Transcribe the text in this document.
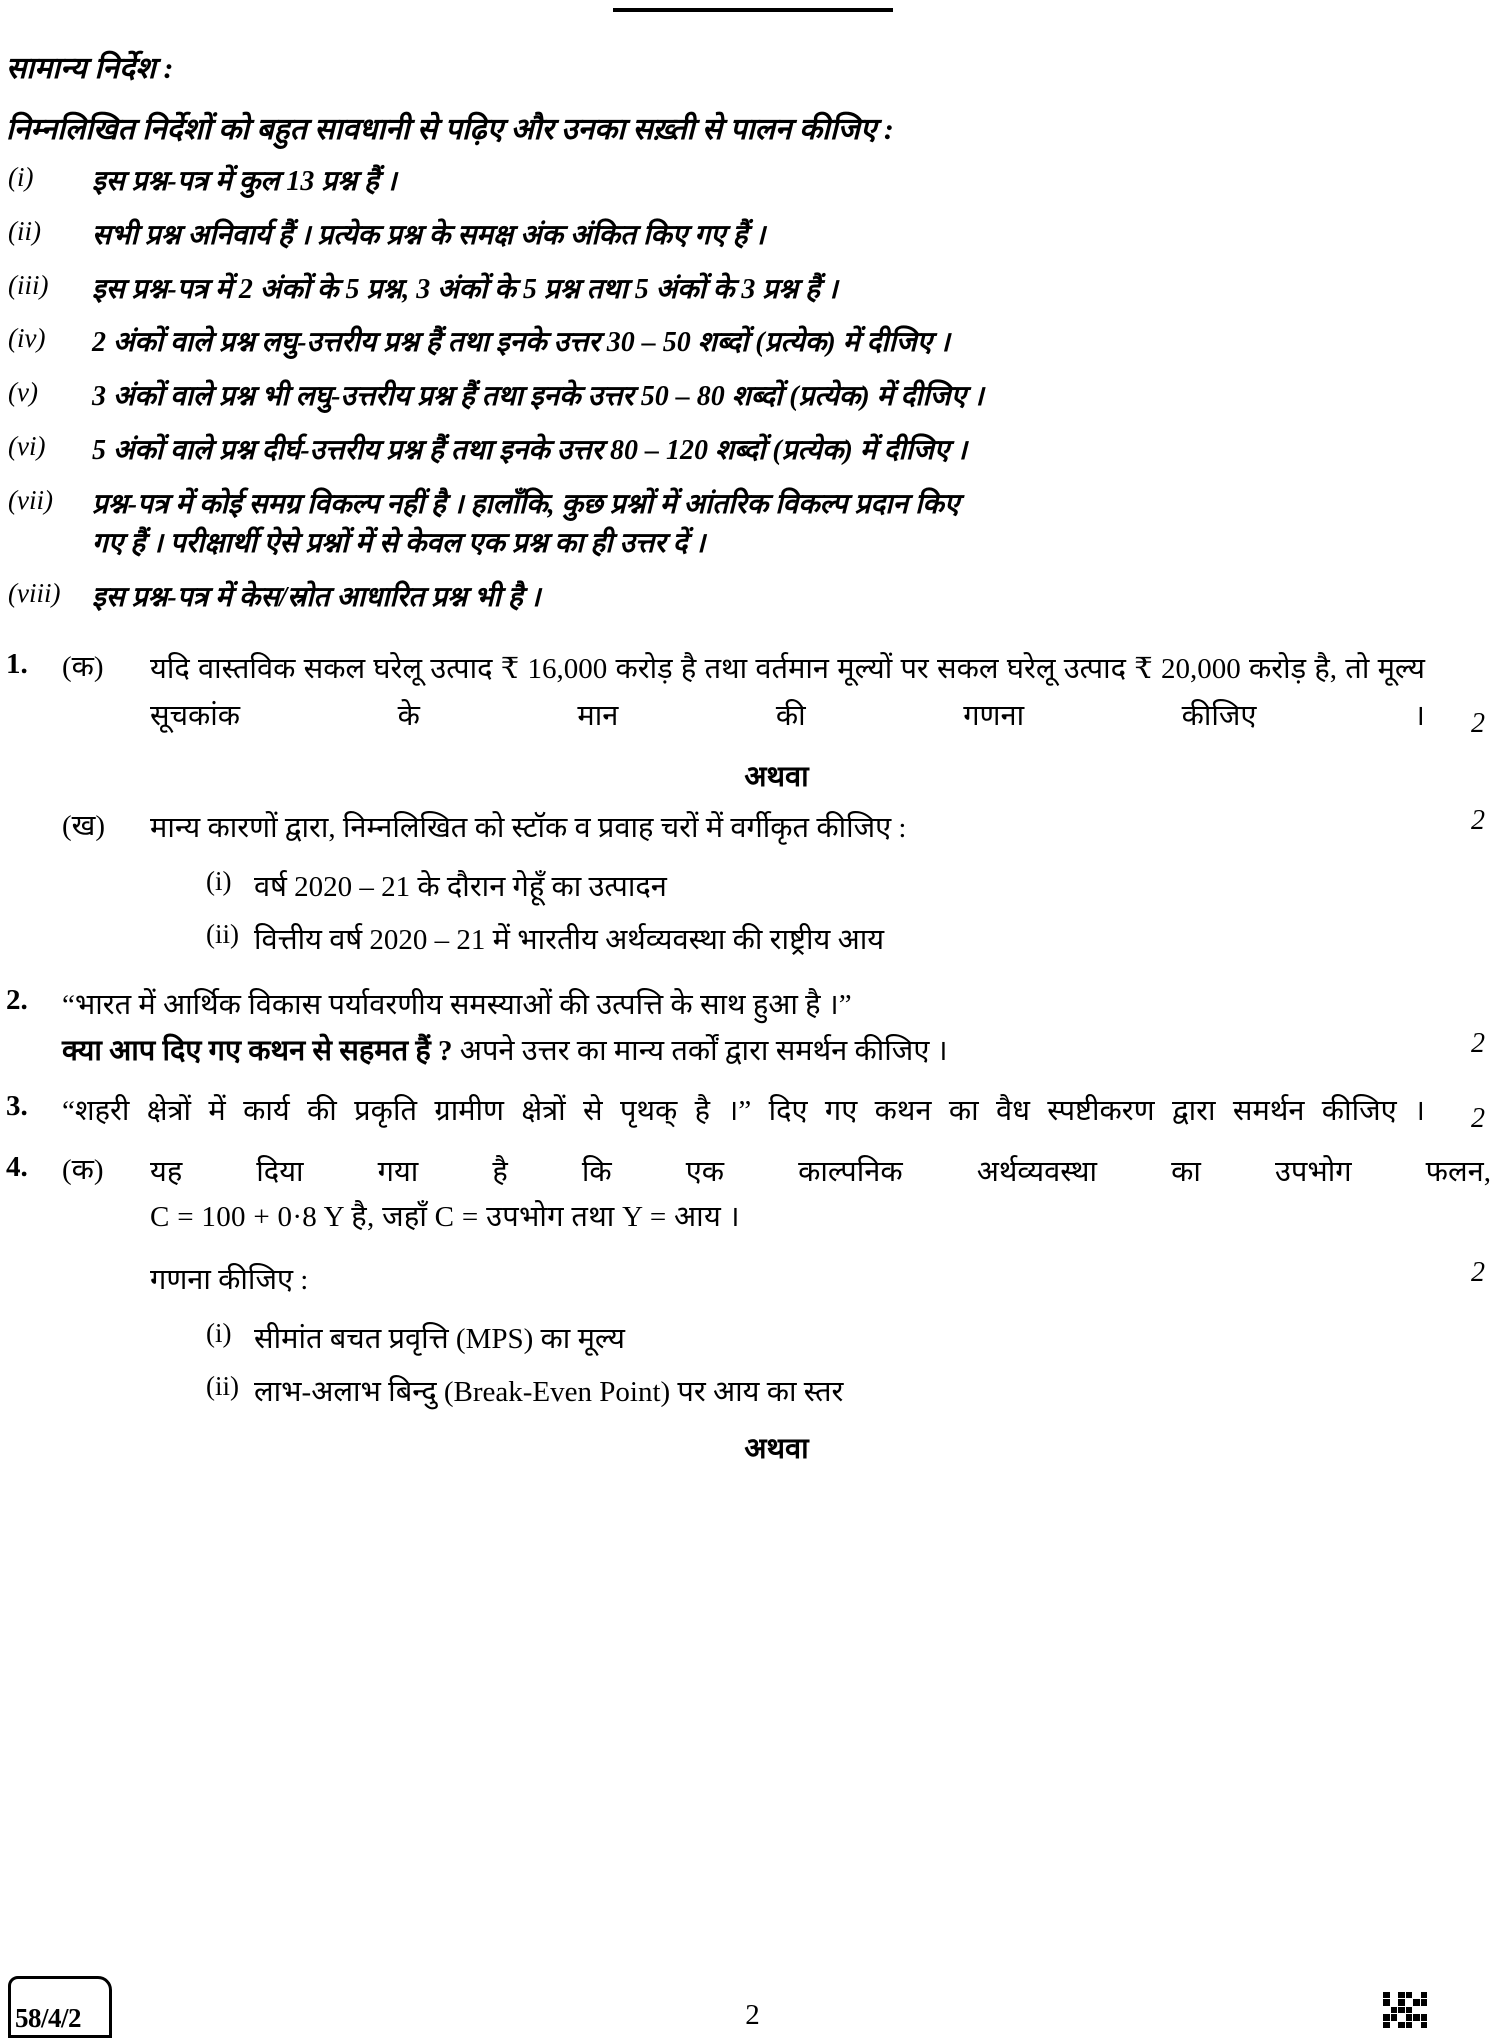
सामान्य निर्देश :
निम्नलिखित निर्देशों को बहुत सावधानी से पढ़िए और उनका सख़्ती से पालन कीजिए :
(i)	इस प्रश्न-पत्र में कुल 13 प्रश्न हैं ।
(ii)	सभी प्रश्न अनिवार्य हैं । प्रत्येक प्रश्न के समक्ष अंक अंकित किए गए हैं ।
(iii)	इस प्रश्न-पत्र में 2 अंकों के 5 प्रश्न, 3 अंकों के 5 प्रश्न तथा 5 अंकों के 3 प्रश्न हैं ।
(iv)	2 अंकों वाले प्रश्न लघु-उत्तरीय प्रश्न हैं तथा इनके उत्तर 30 – 50 शब्दों (प्रत्येक) में दीजिए ।
(v)	3 अंकों वाले प्रश्न भी लघु-उत्तरीय प्रश्न हैं तथा इनके उत्तर 50 – 80 शब्दों (प्रत्येक) में दीजिए ।
(vi)	5 अंकों वाले प्रश्न दीर्घ-उत्तरीय प्रश्न हैं तथा इनके उत्तर 80 – 120 शब्दों (प्रत्येक) में दीजिए ।
(vii)	प्रश्न-पत्र में कोई समग्र विकल्प नहीं है । हालाँकि, कुछ प्रश्नों में आंतरिक विकल्प प्रदान किए
गए हैं । परीक्षार्थी ऐसे प्रश्नों में से केवल एक प्रश्न का ही उत्तर दें ।
(viii)	इस प्रश्न-पत्र में केस/स्रोत आधारित प्रश्न भी है ।
1.	(क)	यदि वास्तविक सकल घरेलू उत्पाद ₹ 16,000 करोड़ है तथा वर्तमान मूल्यों पर सकल घरेलू उत्पाद ₹ 20,000 करोड़ है, तो मूल्य सूचकांक के मान की गणना कीजिए ।	2
अथवा
(ख)	मान्य कारणों द्वारा, निम्नलिखित को स्टॉक व प्रवाह चरों में वर्गीकृत कीजिए :	2
(i) वर्ष 2020 – 21 के दौरान गेहूँ का उत्पादन
(ii) वित्तीय वर्ष 2020 – 21 में भारतीय अर्थव्यवस्था की राष्ट्रीय आय
2.	“भारत में आर्थिक विकास पर्यावरणीय समस्याओं की उत्पत्ति के साथ हुआ है ।”
क्या आप दिए गए कथन से सहमत हैं ? अपने उत्तर का मान्य तर्कों द्वारा समर्थन कीजिए ।	2
3.	“शहरी क्षेत्रों में कार्य की प्रकृति ग्रामीण क्षेत्रों से पृथक् है ।” दिए गए कथन का वैध स्पष्टीकरण द्वारा समर्थन कीजिए ।	2
4.	(क)	यह दिया गया है कि एक काल्पनिक अर्थव्यवस्था का उपभोग फलन,
C = 100 + 0·8 Y है, जहाँ C = उपभोग तथा Y = आय ।
गणना कीजिए :	2
(i) सीमांत बचत प्रवृत्ति (MPS) का मूल्य
(ii) लाभ-अलाभ बिन्दु (Break-Even Point) पर आय का स्तर
अथवा
58/4/2	2
